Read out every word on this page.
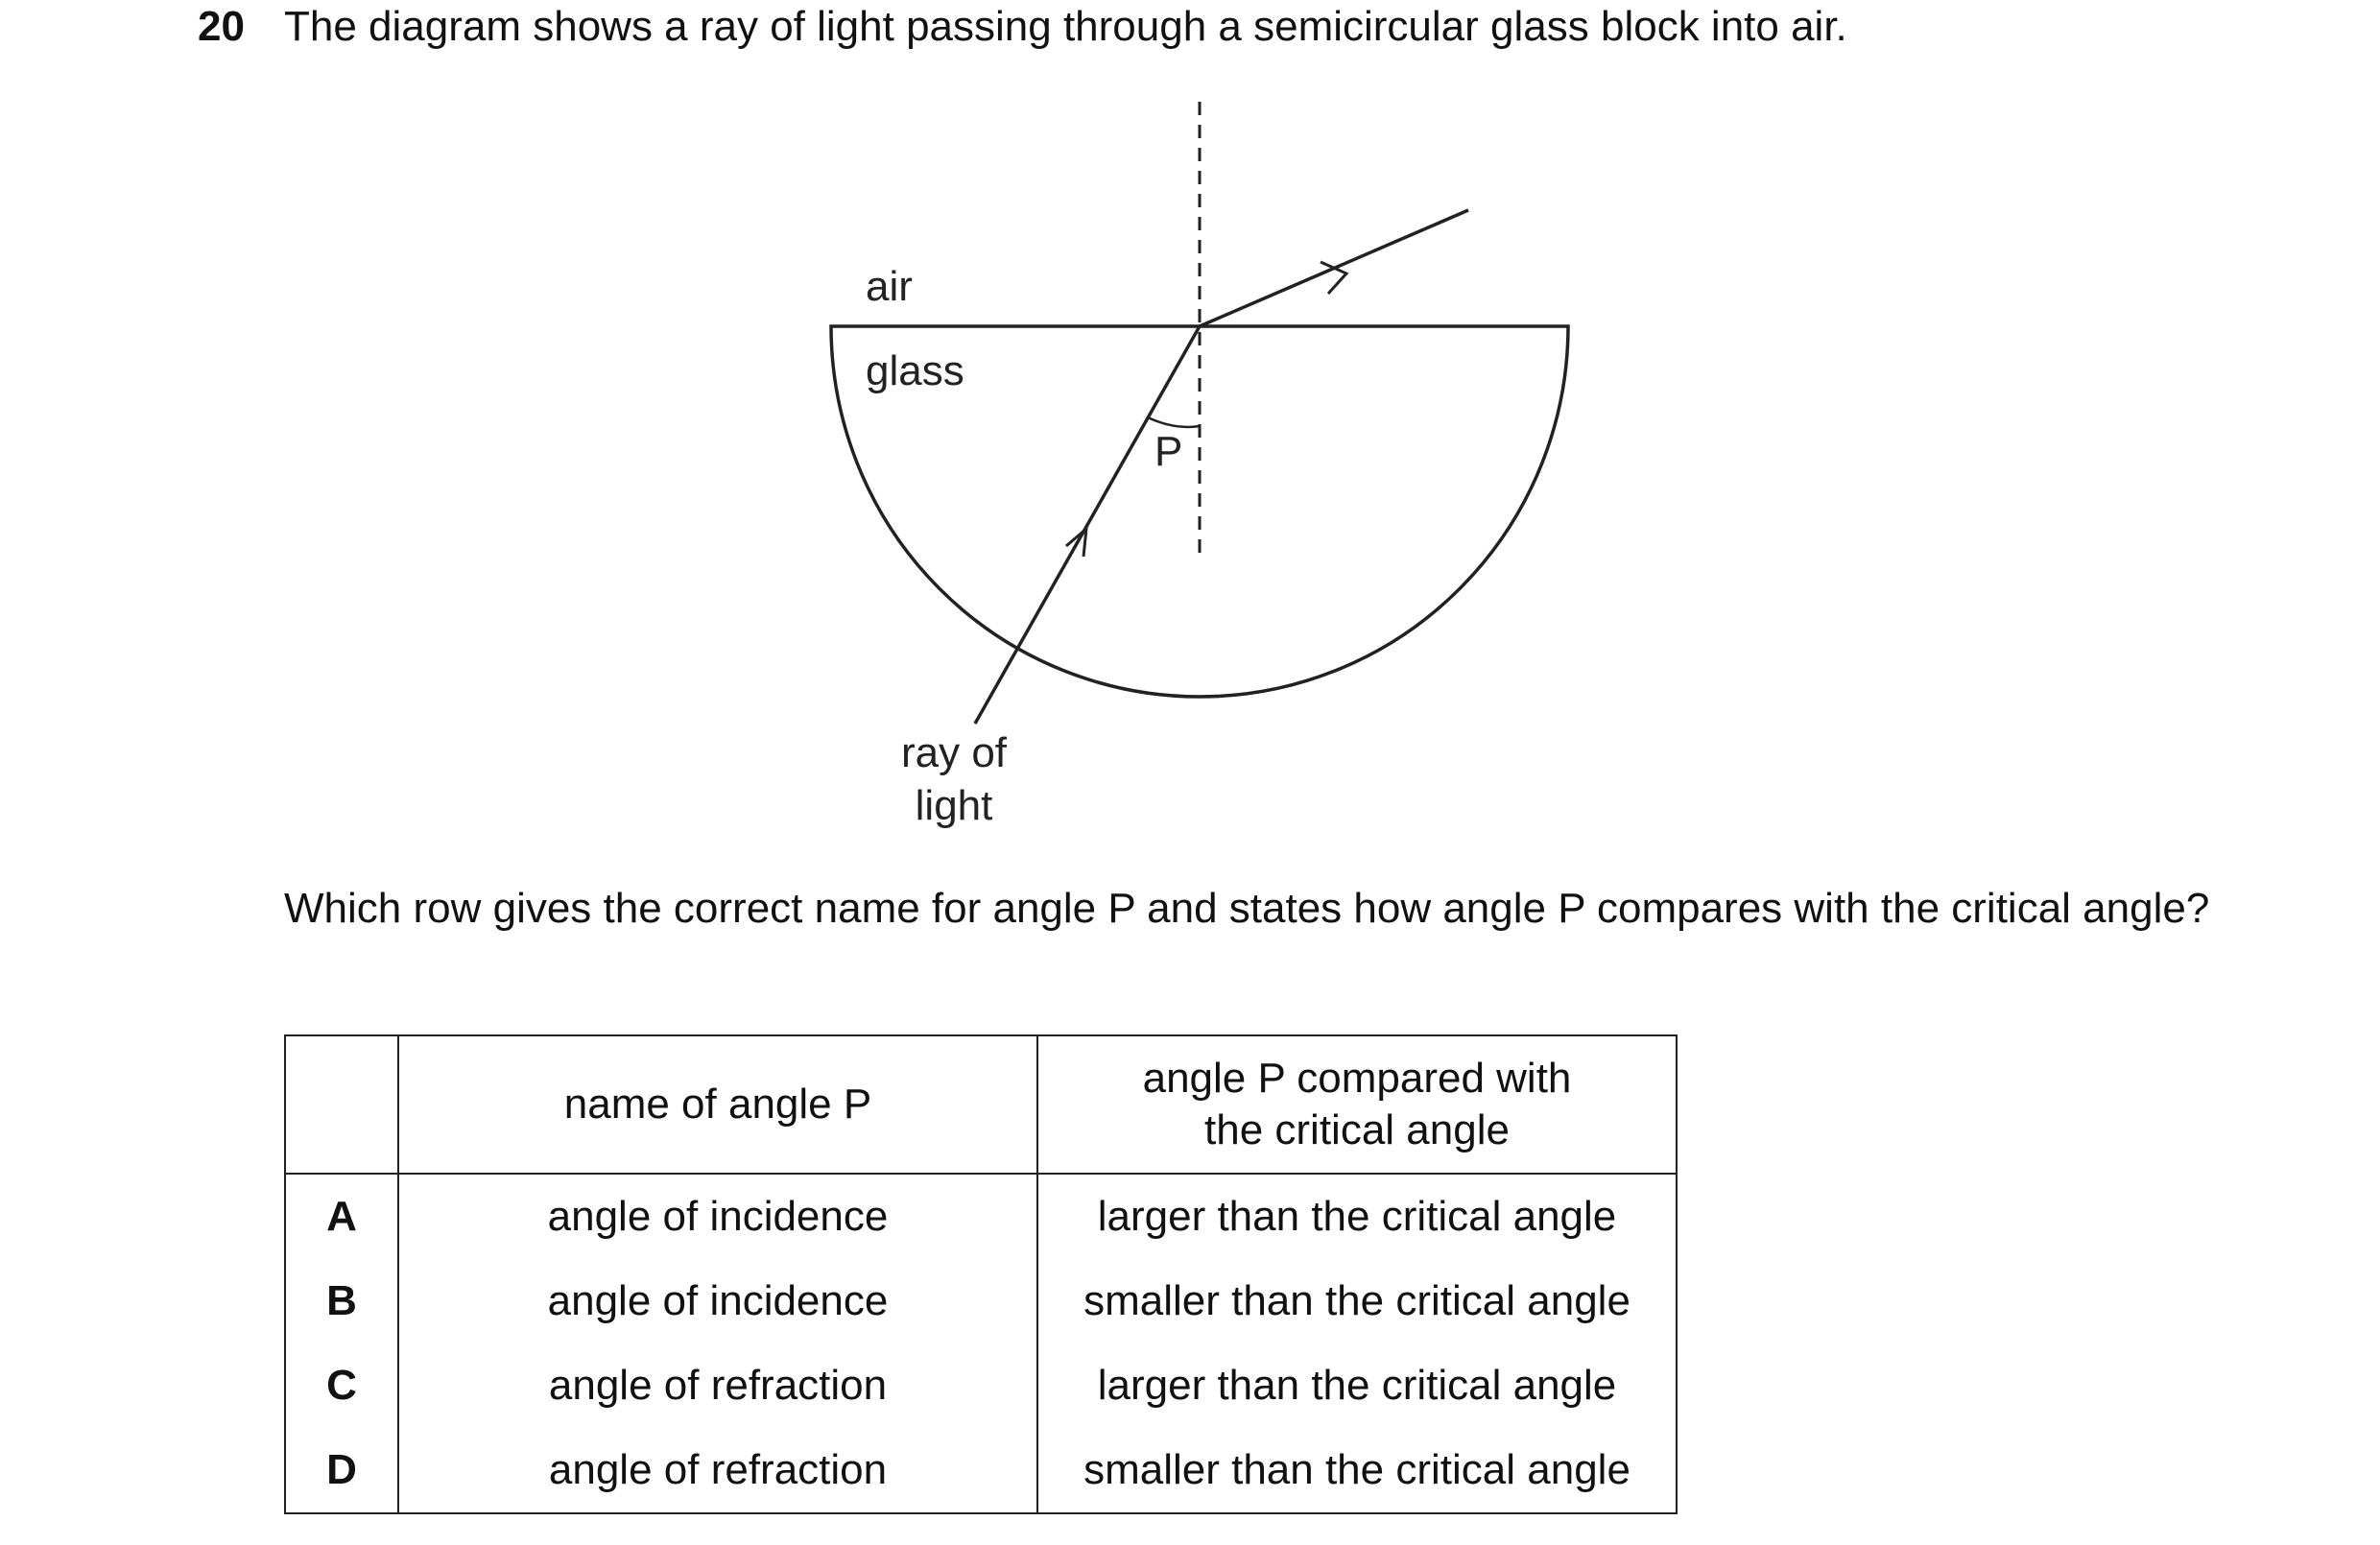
20 The diagram shows a ray of light passing through a semicircular glass block into air.
air
glass
P
ray of
light
Which row gives the correct name for angle P and states how angle P compares with the critical angle?
	name of angle P	angle P compared with
the critical angle
A	angle of incidence	larger than the critical angle
B	angle of incidence	smaller than the critical angle
C	angle of refraction	larger than the critical angle
D	angle of refraction	smaller than the critical angle
